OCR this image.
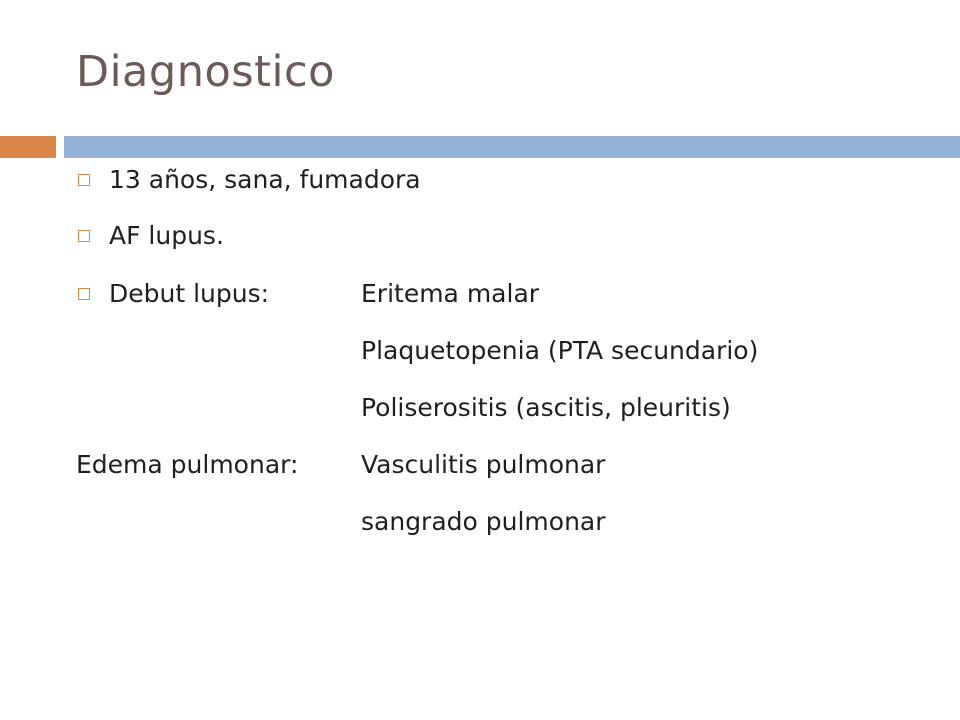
Diagnostico
13 años, sana, fumadora
AF lupus.
Debut lupus:	Eritema malar
Plaquetopenia (PTA secundario)
Poliserositis (ascitis, pleuritis)
Edema pulmonar:	Vasculitis pulmonar
sangrado pulmonar
